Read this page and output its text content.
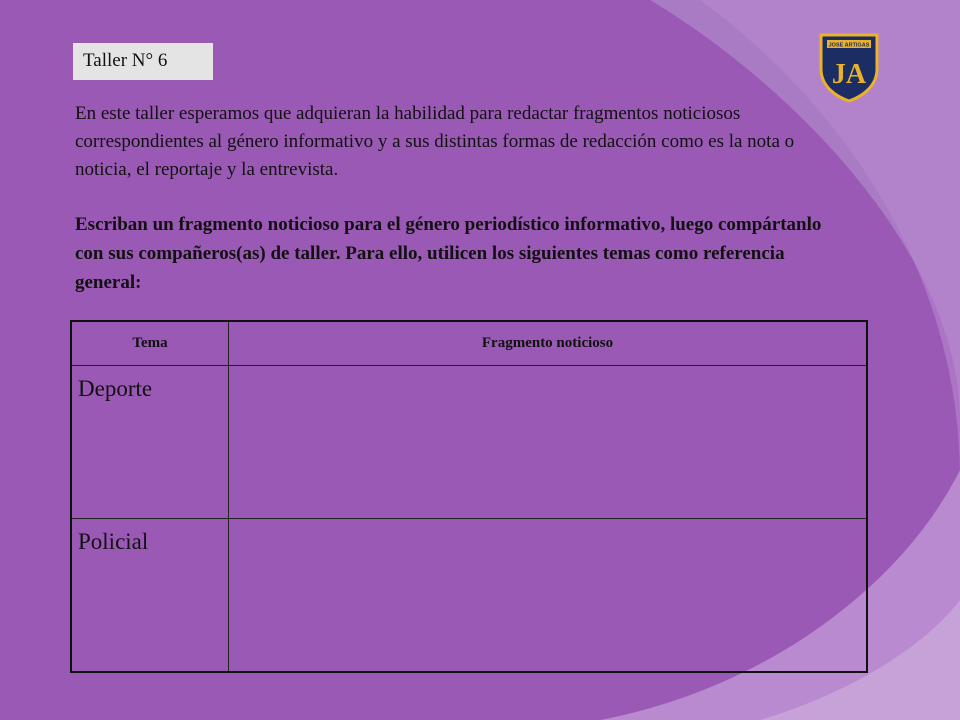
Taller N° 6
JOSE ARTIGAS
JA

En este taller esperamos que adquieran la habilidad para redactar fragmentos noticiosos correspondientes al género informativo y a sus distintas formas de redacción como es la nota o noticia, el reportaje y la entrevista.

Escriban un fragmento noticioso para el género periodístico informativo, luego compártanlo con sus compañeros(as) de taller. Para ello, utilicen los siguientes temas como referencia general:

Tema	Fragmento noticioso
Deporte	
Policial	
